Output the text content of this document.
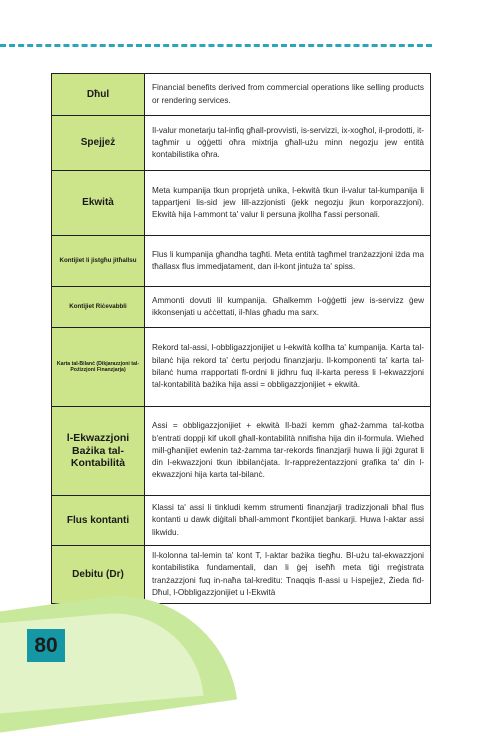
Dħul	Financial benefits derived from commercial operations like selling products or rendering services.
Spejjeż	Il-valur monetarju tal-infiq għall-provvisti, is-servizzi, ix-xogħol, il-prodotti, it-tagħmir u oġġetti oħra mixtrija għall-użu minn negozju jew entità kontabilistika oħra.
Ekwità	Meta kumpanija tkun proprjetà unika, l-ekwità tkun il-valur tal-kumpanija li tappartjeni lis-sid jew lill-azzjonisti (jekk negozju jkun korporazzjoni). Ekwità hija l-ammont ta' valur li persuna jkollha f'assi personali.
Kontijiet li jistgħu jitħallsu	Flus li kumpanija għandha tagħti. Meta entità tagħmel tranżazzjoni iżda ma tħallasx flus immedjatament, dan il-kont jintuża ta' spiss.
Kontijiet Riċevabbli	Ammonti dovuti lil kumpanija. Għalkemm l-oġġetti jew is-servizz ġew ikkonsenjati u aċċettati, il-ħlas għadu ma sarx.
Karta tal-Bilanċ (Dikjarazzjoni tal-Pożizzjoni Finanzjarja)	Rekord tal-assi, l-obbligazzjonijiet u l-ekwità kollha ta' kumpanija. Karta tal-bilanċ hija rekord ta' ċertu perjodu finanzjarju. Il-komponenti ta' karta tal-bilanċ huma rrapportati fl-ordni li jidhru fuq il-karta peress li l-ekwazzjoni tal-kontabilità bażika hija assi = obbligazzjonijiet + ekwità.
l-Ekwazzjoni Bażika tal-Kontabilità	Assi = obbligazzjonijiet + ekwità Il-bażi kemm għaż-żamma tal-kotba b'entrati doppji kif ukoll għall-kontabilità nnifisha hija din il-formula. Wieħed mill-għanijiet ewlenin taż-żamma tar-rekords finanzjarji huwa li jiġi żgurat li din l-ekwazzjoni tkun ibbilanċjata. Ir-rappreżentazzjoni grafika ta' din l-ekwazzjoni hija karta tal-bilanċ.
Flus kontanti	Klassi ta' assi li tinkludi kemm strumenti finanzjarji tradizzjonali bħal flus kontanti u dawk diġitali bħall-ammont f'kontijiet bankarji. Huwa l-aktar assi likwidu.
Debitu (Dr)	Il-kolonna tal-lemin ta' kont T, l-aktar bażika tiegħu. Bl-użu tal-ekwazzjoni kontabilistika fundamentali, dan li ġej iseħħ meta tiġi rreġistrata tranżazzjoni fuq in-naħa tal-kreditu: Tnaqqis fl-assi u l-ispejjeż, Żieda fid-Dħul, l-Obbligazzjonijiet u l-Ekwità
80
